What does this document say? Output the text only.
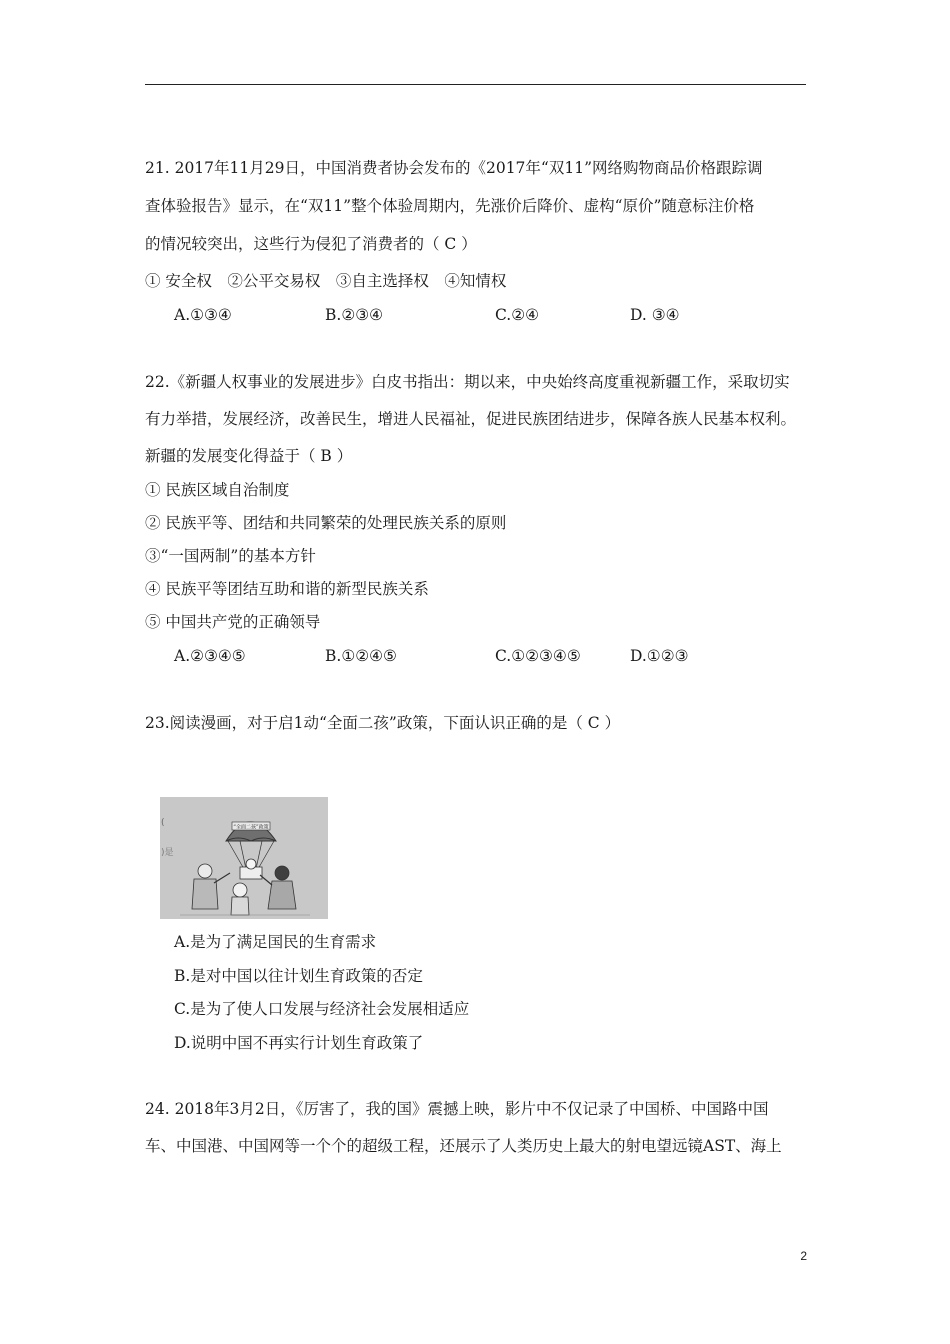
21. 2017年11月29日，中国消费者协会发布的《2017年“双11”网络购物商品价格跟踪调
查体验报告》显示，在“双11”整个体验周期内，先涨价后降价、虚构“原价”随意标注价格
的情况较突出，这些行为侵犯了消费者的（ C ）
① 安全权　②公平交易权　③自主选择权　④知情权
A.①③④	B.②③④	C.②④	D. ③④
22.《新疆人权事业的发展进步》白皮书指出：期以来，中央始终高度重视新疆工作，采取切实
有力举措，发展经济，改善民生，增进人民福祉，促进民族团结进步，保障各族人民基本权利。
新疆的发展变化得益于（ B ）
① 民族区域自治制度
② 民族平等、团结和共同繁荣的处理民族关系的原则
③“一国两制”的基本方针
④ 民族平等团结互助和谐的新型民族关系
⑤ 中国共产党的正确领导
A.②③④⑤	B.①②④⑤	C.①②③④⑤	D.①②③
23.阅读漫画，对于启1动“全面二孩”政策，下面认识正确的是（ C ）
(
)是
“全面二孩”政策
A.是为了满足国民的生育需求
B.是对中国以往计划生育政策的否定
C.是为了使人口发展与经济社会发展相适应
D.说明中国不再实行计划生育政策了
24. 2018年3月2日，《厉害了，我的国》震撼上映，影片中不仅记录了中国桥、中国路中国
车、中国港、中国网等一个个的超级工程，还展示了人类历史上最大的射电望远镜AST、海上
2
